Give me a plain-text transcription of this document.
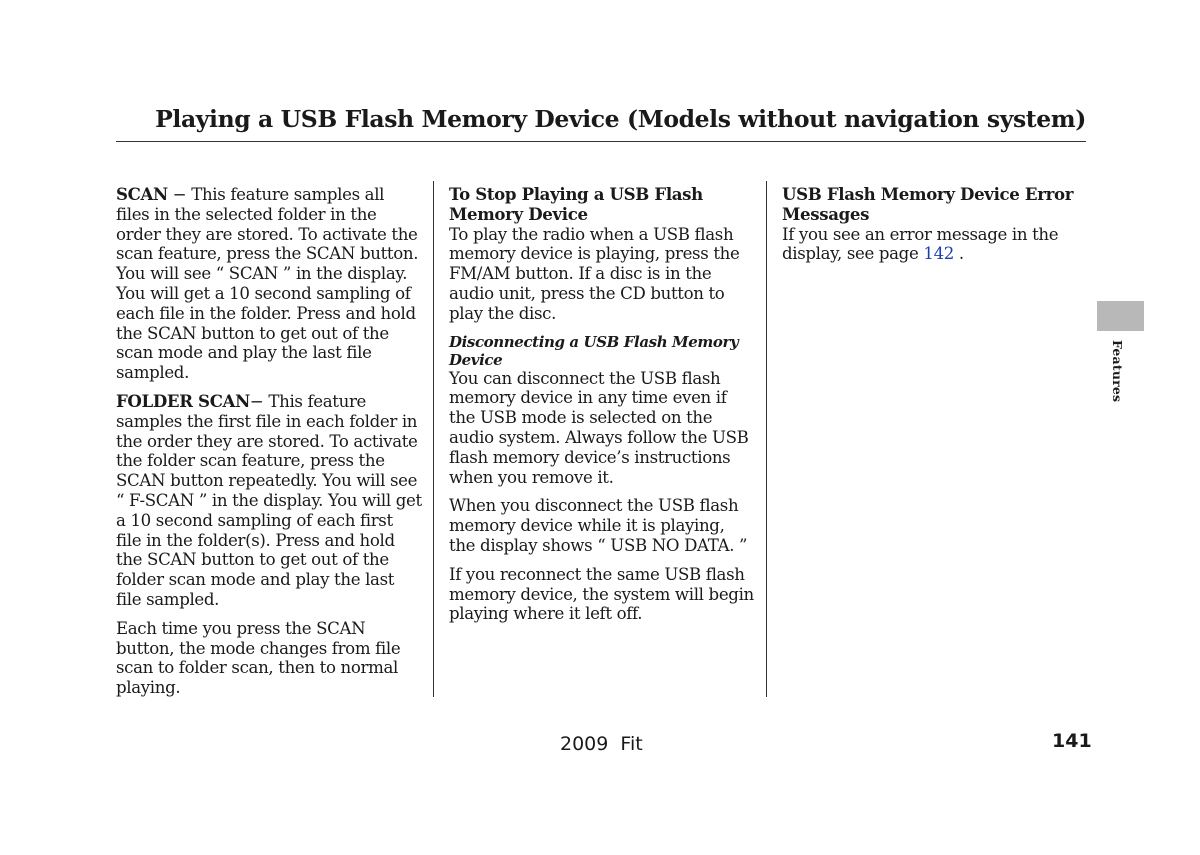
Playing a USB Flash Memory Device (Models without navigation system)

SCAN − This feature samples all files in the selected folder in the order they are stored. To activate the scan feature, press the SCAN button. You will see “ SCAN ” in the display. You will get a 10 second sampling of each file in the folder. Press and hold the SCAN button to get out of the scan mode and play the last file sampled.

FOLDER SCAN− This feature samples the first file in each folder in the order they are stored. To activate the folder scan feature, press the SCAN button repeatedly. You will see “ F-SCAN ” in the display. You will get a 10 second sampling of each first file in the folder(s). Press and hold the SCAN button to get out of the folder scan mode and play the last file sampled.

Each time you press the SCAN button, the mode changes from file scan to folder scan, then to normal playing.

To Stop Playing a USB Flash Memory Device
To play the radio when a USB flash memory device is playing, press the FM/AM button. If a disc is in the audio unit, press the CD button to play the disc.

Disconnecting a USB Flash Memory Device
You can disconnect the USB flash memory device in any time even if the USB mode is selected on the audio system. Always follow the USB flash memory device’s instructions when you remove it.

When you disconnect the USB flash memory device while it is playing, the display shows “ USB NO DATA. ”

If you reconnect the same USB flash memory device, the system will begin playing where it left off.

USB Flash Memory Device Error Messages
If you see an error message in the display, see page 142 .

Features
2009  Fit	141
